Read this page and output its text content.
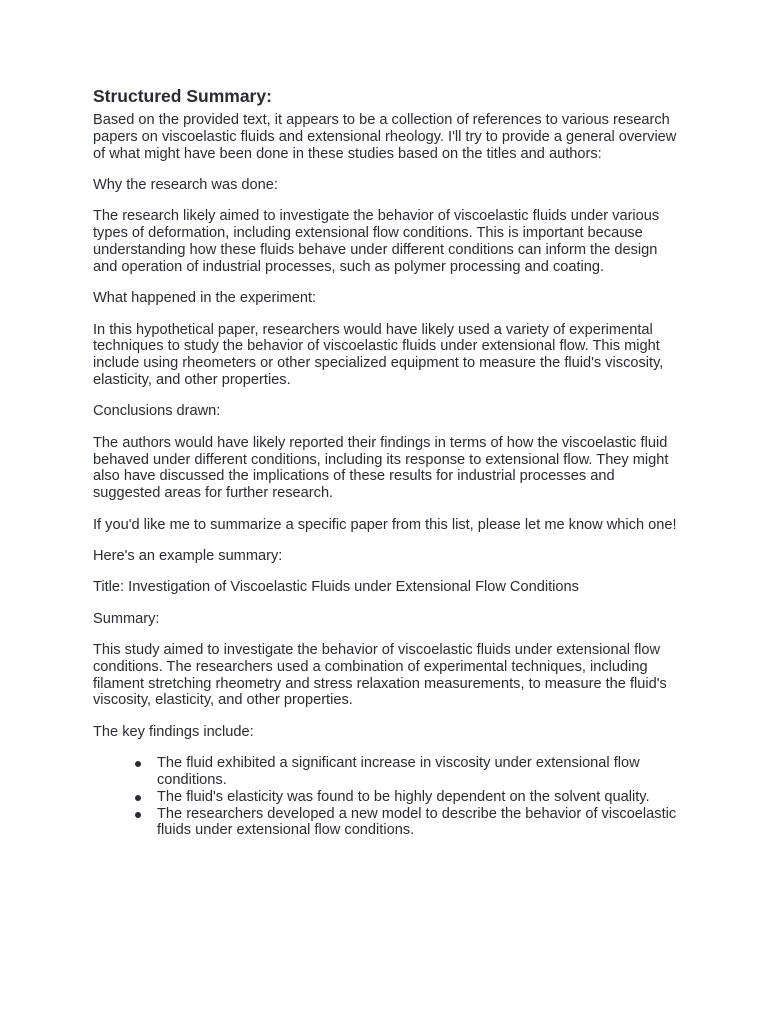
Structured Summary:

Based on the provided text, it appears to be a collection of references to various research papers on viscoelastic fluids and extensional rheology. I'll try to provide a general overview of what might have been done in these studies based on the titles and authors:

Why the research was done:

The research likely aimed to investigate the behavior of viscoelastic fluids under various types of deformation, including extensional flow conditions. This is important because understanding how these fluids behave under different conditions can inform the design and operation of industrial processes, such as polymer processing and coating.

What happened in the experiment:

In this hypothetical paper, researchers would have likely used a variety of experimental techniques to study the behavior of viscoelastic fluids under extensional flow. This might include using rheometers or other specialized equipment to measure the fluid's viscosity, elasticity, and other properties.

Conclusions drawn:

The authors would have likely reported their findings in terms of how the viscoelastic fluid behaved under different conditions, including its response to extensional flow. They might also have discussed the implications of these results for industrial processes and suggested areas for further research.

If you'd like me to summarize a specific paper from this list, please let me know which one!

Here's an example summary:

Title: Investigation of Viscoelastic Fluids under Extensional Flow Conditions

Summary:

This study aimed to investigate the behavior of viscoelastic fluids under extensional flow conditions. The researchers used a combination of experimental techniques, including filament stretching rheometry and stress relaxation measurements, to measure the fluid's viscosity, elasticity, and other properties.

The key findings include:

The fluid exhibited a significant increase in viscosity under extensional flow conditions.
The fluid's elasticity was found to be highly dependent on the solvent quality.
The researchers developed a new model to describe the behavior of viscoelastic fluids under extensional flow conditions.
